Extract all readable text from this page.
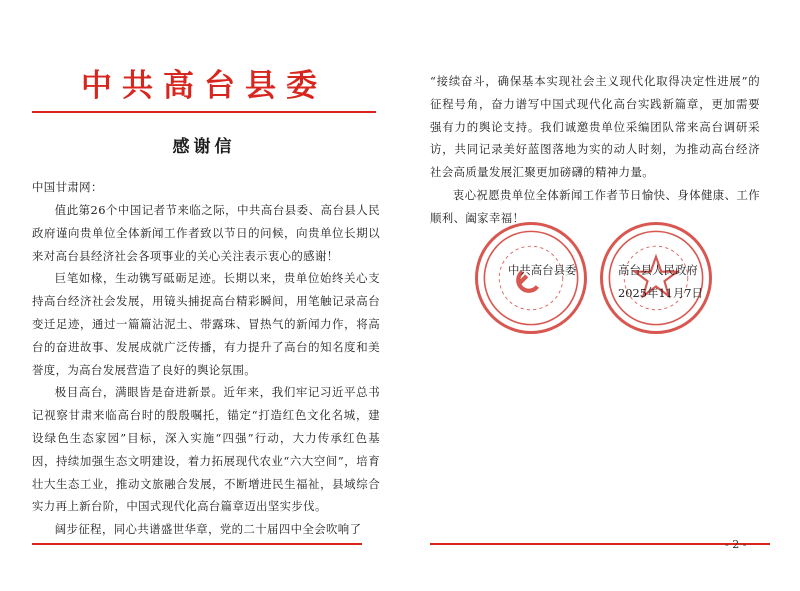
中共高台县委
感谢信
中国甘肃网：

值此第26个中国记者节来临之际，中共高台县委、高台县人民政府谨向贵单位全体新闻工作者致以节日的问候，向贵单位长期以来对高台县经济社会各项事业的关心关注表示衷心的感谢！

巨笔如椽，生动镌写砥砺足迹。长期以来，贵单位始终关心支持高台经济社会发展，用镜头捕捉高台精彩瞬间，用笔触记录高台变迁足迹，通过一篇篇沾泥土、带露珠、冒热气的新闻力作，将高台的奋进故事、发展成就广泛传播，有力提升了高台的知名度和美誉度，为高台发展营造了良好的舆论氛围。

极目高台，满眼皆是奋进新景。近年来，我们牢记习近平总书记视察甘肃来临高台时的殷殷嘱托，锚定“打造红色文化名城，建设绿色生态家园”目标，深入实施“四强”行动，大力传承红色基因，持续加强生态文明建设，着力拓展现代农业“六大空间”，培育壮大生态工业，推动文旅融合发展，不断增进民生福祉，县域综合实力再上新台阶，中国式现代化高台篇章迈出坚实步伐。

阔步征程，同心共谱盛世华章，党的二十届四中全会吹响了

“接续奋斗，确保基本实现社会主义现代化取得决定性进展”的征程号角，奋力谱写中国式现代化高台实践新篇章，更加需要强有力的舆论支持。我们诚邀贵单位采编团队常来高台调研采访，共同记录美好蓝图落地为实的动人时刻，为推动高台经济社会高质量发展汇聚更加磅礴的精神力量。

衷心祝愿贵单位全体新闻工作者节日愉快、身体健康、工作顺利、阖家幸福！

中共高台县委	高台县人民政府
2025年11月7日
- 2 -
